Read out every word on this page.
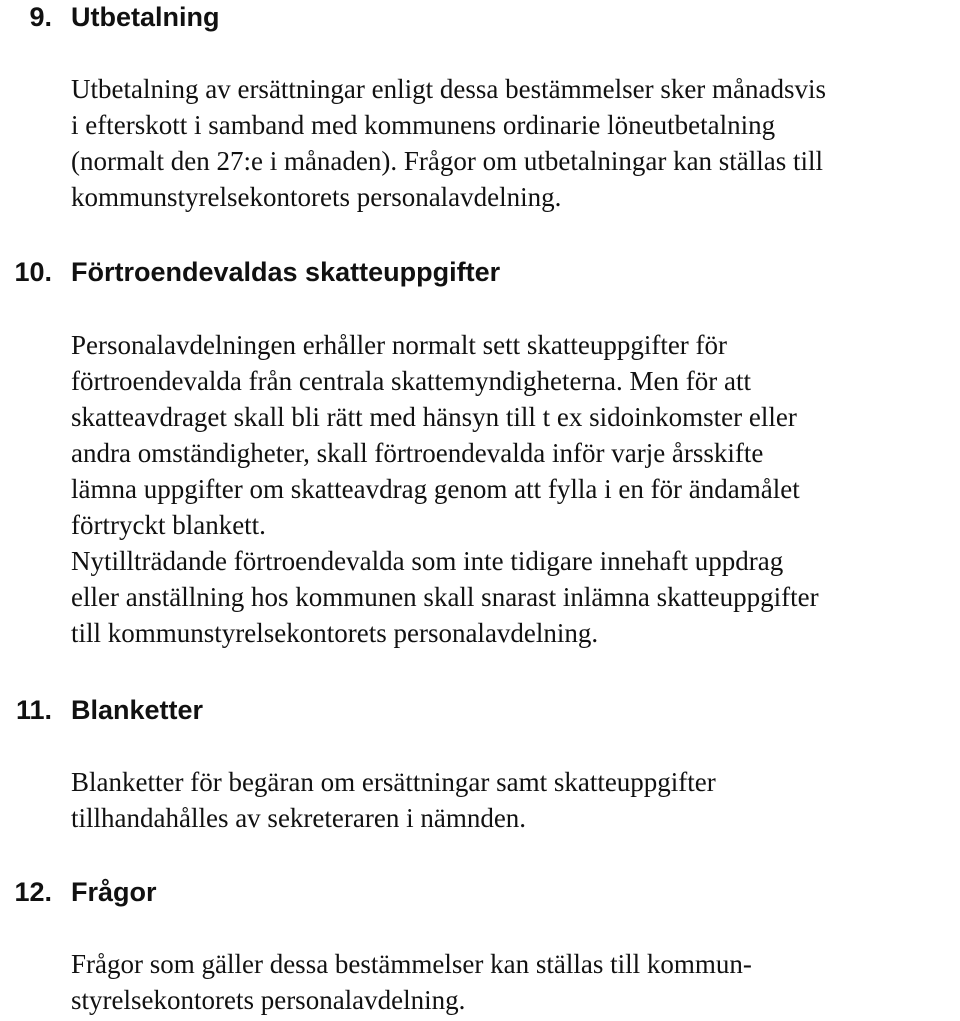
9. Utbetalning
Utbetalning av ersättningar enligt dessa bestämmelser sker månadsvis
i efterskott i samband med kommunens ordinarie löneutbetalning
(normalt den 27:e i månaden). Frågor om utbetalningar kan ställas till
kommunstyrelsekontorets personalavdelning.
10. Förtroendevaldas skatteuppgifter
Personalavdelningen erhåller normalt sett skatteuppgifter för
förtroendevalda från centrala skattemyndigheterna. Men för att
skatteavdraget skall bli rätt med hänsyn till t ex sidoinkomster eller
andra omständigheter, skall förtroendevalda inför varje årsskifte
lämna uppgifter om skatteavdrag genom att fylla i en för ändamålet
förtryckt blankett.
Nytillträdande förtroendevalda som inte tidigare innehaft uppdrag
eller anställning hos kommunen skall snarast inlämna skatteuppgifter
till kommunstyrelsekontorets personalavdelning.
11. Blanketter
Blanketter för begäran om ersättningar samt skatteuppgifter
tillhandahålles av sekreteraren i nämnden.
12. Frågor
Frågor som gäller dessa bestämmelser kan ställas till kommun-
styrelsekontorets personalavdelning.
